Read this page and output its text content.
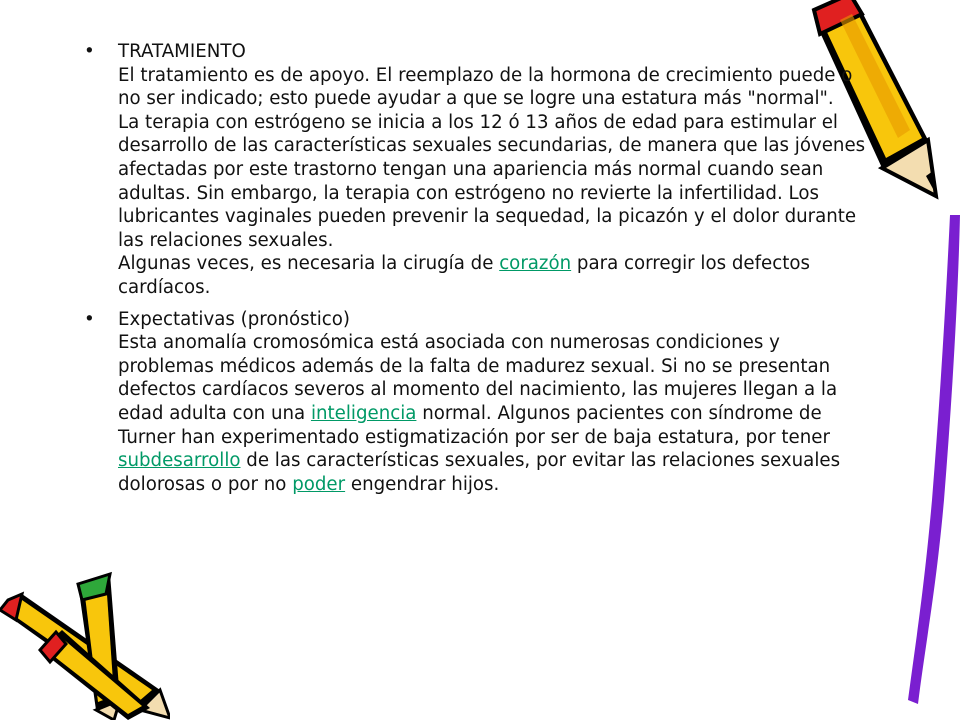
• TRATAMIENTO
El tratamiento es de apoyo. El reemplazo de la hormona de crecimiento puede o no ser indicado; esto puede ayudar a que se logre una estatura más "normal".
La terapia con estrógeno se inicia a los 12 ó 13 años de edad para estimular el desarrollo de las características sexuales secundarias, de manera que las jóvenes afectadas por este trastorno tengan una apariencia más normal cuando sean adultas. Sin embargo, la terapia con estrógeno no revierte la infertilidad. Los lubricantes vaginales pueden prevenir la sequedad, la picazón y el dolor durante las relaciones sexuales.
Algunas veces, es necesaria la cirugía de corazón para corregir los defectos cardíacos.
• Expectativas (pronóstico)
Esta anomalía cromosómica está asociada con numerosas condiciones y problemas médicos además de la falta de madurez sexual. Si no se presentan defectos cardíacos severos al momento del nacimiento, las mujeres llegan a la edad adulta con una inteligencia normal. Algunos pacientes con síndrome de Turner han experimentado estigmatización por ser de baja estatura, por tener subdesarrollo de las características sexuales, por evitar las relaciones sexuales dolorosas o por no poder engendrar hijos.
